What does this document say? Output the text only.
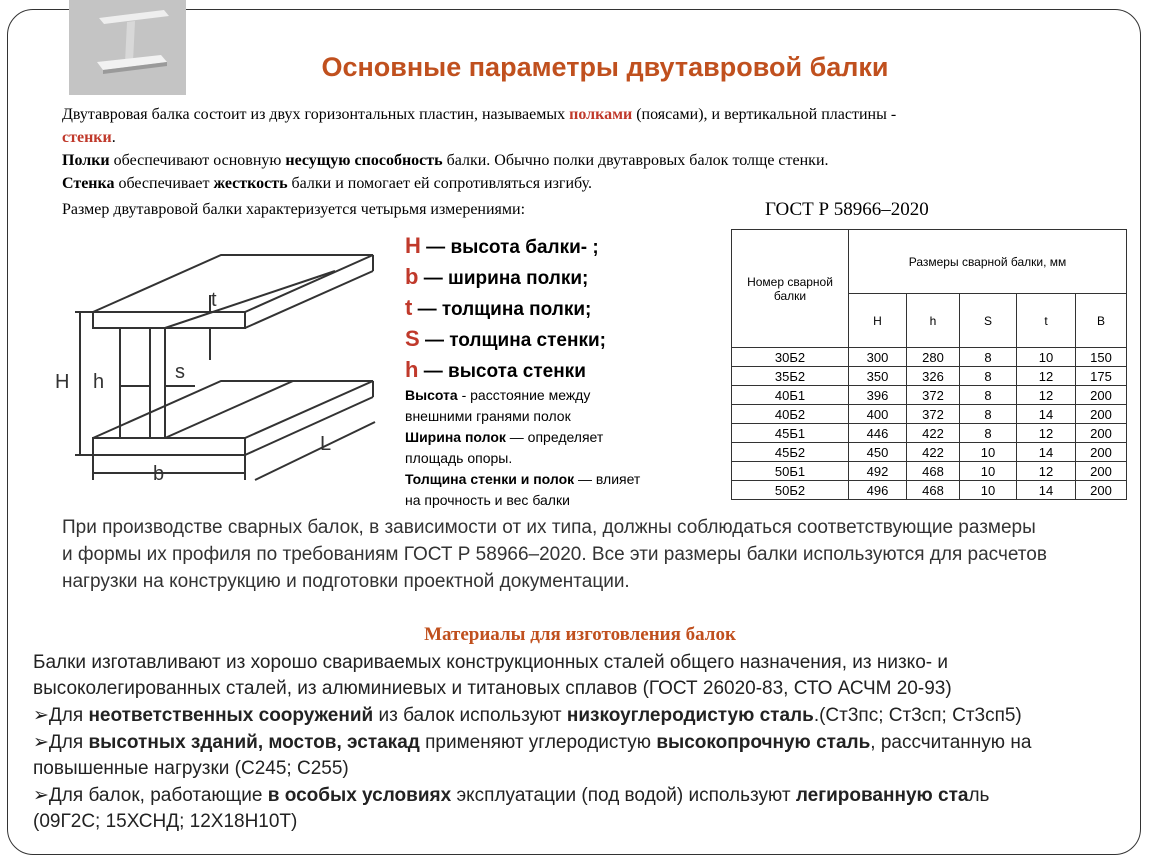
Основные параметры двутавровой балки
Двутавровая балка состоит из двух горизонтальных пластин, называемых полками (поясами), и вертикальной пластины -
стенки.
Полки обеспечивают основную несущую способность балки. Обычно полки двутавровых балок толще стенки.
Стенка обеспечивает жесткость балки и помогает ей сопротивляться изгибу.
Размер двутавровой балки характеризуется четырьмя измерениями:	ГОСТ Р 58966–2020
t
H h	s
L
b
H — высота балки- ;
b — ширина полки;
t — толщина полки;
S — толщина стенки;
h — высота стенки
Высота - расстояние между
внешними гранями полок
Ширина полок — определяет
площадь опоры.
Толщина стенки и полок — влияет
на прочность и вес балки
Номер сварной балки	Размеры сварной балки, мм				
	H	h	S	t	B
30Б2	300	280	8	10	150
35Б2	350	326	8	12	175
40Б1	396	372	8	12	200
40Б2	400	372	8	14	200
45Б1	446	422	8	12	200
45Б2	450	422	10	14	200
50Б1	492	468	10	12	200
50Б2	496	468	10	14	200
При производстве сварных балок, в зависимости от их типа, должны соблюдаться соответствующие размеры
и формы их профиля по требованиям ГОСТ Р 58966–2020. Все эти размеры балки используются для расчетов
нагрузки на конструкцию и подготовки проектной документации.
Материалы для изготовления балок
Балки изготавливают из хорошо свариваемых конструкционных сталей общего назначения, из низко- и
высоколегированных сталей, из алюминиевых и титановых сплавов (ГОСТ 26020-83, СТО АСЧМ 20-93)
➢Для неответственных сооружений из балок используют низкоуглеродистую сталь.(Ст3пс; Ст3сп; Ст3сп5)
➢Для высотных зданий, мостов, эстакад применяют углеродистую высокопрочную сталь, рассчитанную на
повышенные нагрузки (С245; С255)
➢Для балок, работающие в особых условиях эксплуатации (под водой) используют легированную сталь
(09Г2С; 15ХСНД; 12Х18Н10Т)
